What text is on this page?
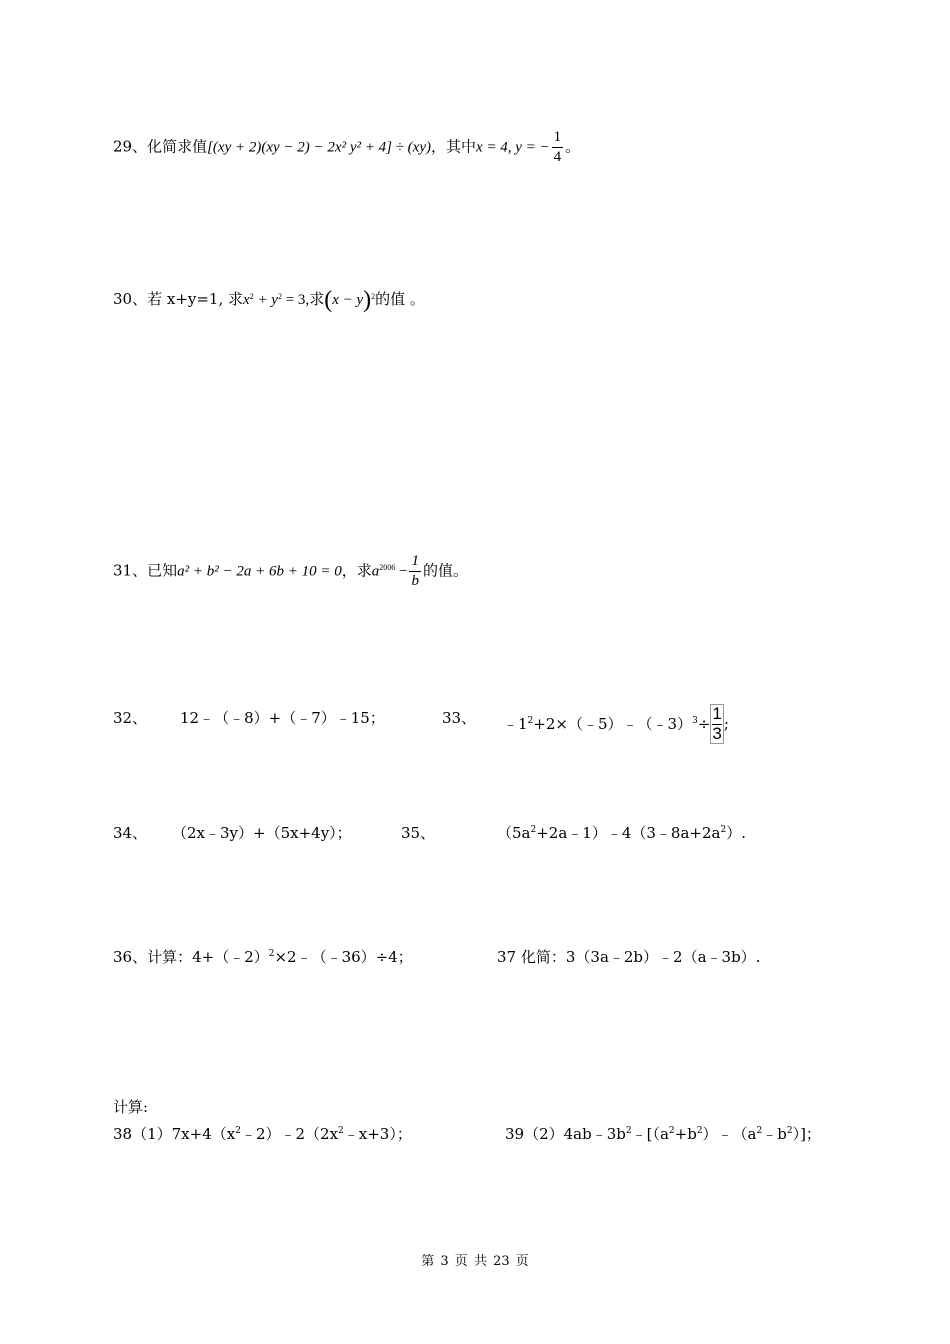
29、化简求值[(xy + 2)(xy − 2) − 2x² y² + 4] ÷ (xy)，其中x = 4, y = − $\frac{1}{4}$ 。
30、若 x+y=1, 求$x^2 + y^2 = 3$,求$(x - y)^2$的值 。
31、已知a² + b² − 2a + 6b + 10 = 0，求$a^{2006} - \frac{1}{b}$ 的值。
32、 12﹣（﹣8）+（﹣7）﹣15；	33、 $﹣1^2+2\times(﹣5)﹣(﹣3)^3\div \frac{1}{3}$ ;
34、 （2x﹣3y）+（5x+4y）；	35、	$(5a^2+2a﹣1)﹣4(3﹣8a+2a^2)$.
36、计算：4+（﹣2）$^2$×2﹣（﹣36）÷4；	37 化简：3（3a﹣2b）﹣2（a﹣3b）.
计算:
$38(1)7x+4(x^2﹣2)﹣2(2x^2﹣x+3)$；	$39(2)4ab﹣3b^2﹣[(a^2+b^2)﹣(a^2﹣b^2)]$；
第 3 页 共 23 页
